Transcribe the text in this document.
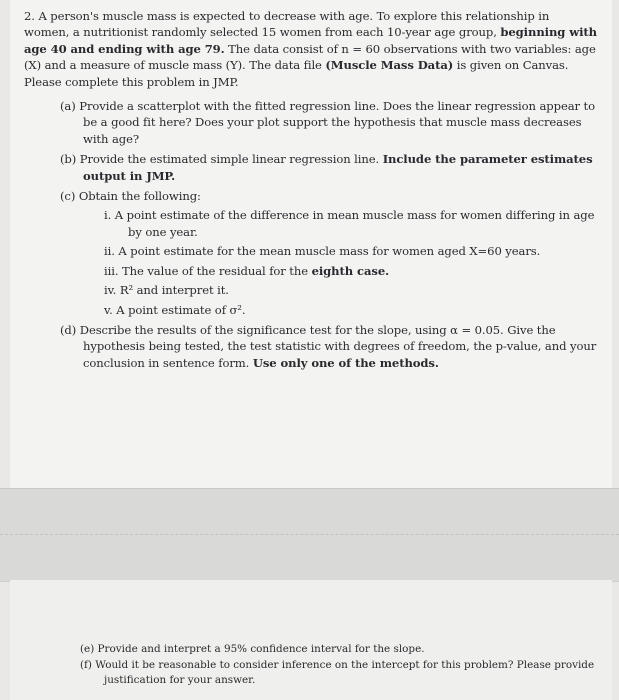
2. A person's muscle mass is expected to decrease with age. To explore this relationship in women, a nutritionist randomly selected 15 women from each 10-year age group, beginning with age 40 and ending with age 79. The data consist of n = 60 observations with two variables: age (X) and a measure of muscle mass (Y). The data file (Muscle Mass Data) is given on Canvas. Please complete this problem in JMP.

(a) Provide a scatterplot with the fitted regression line. Does the linear regression appear to be a good fit here? Does your plot support the hypothesis that muscle mass decreases with age?

(b) Provide the estimated simple linear regression line. Include the parameter estimates output in JMP.

(c) Obtain the following:

i. A point estimate of the difference in mean muscle mass for women differing in age by one year.

ii. A point estimate for the mean muscle mass for women aged X=60 years.

iii. The value of the residual for the eighth case.

iv. R² and interpret it.

v. A point estimate of σ².

(d) Describe the results of the significance test for the slope, using α = 0.05. Give the hypothesis being tested, the test statistic with degrees of freedom, the p-value, and your conclusion in sentence form. Use only one of the methods.

(e) Provide and interpret a 95% confidence interval for the slope.

(f) Would it be reasonable to consider inference on the intercept for this problem? Please provide justification for your answer.
